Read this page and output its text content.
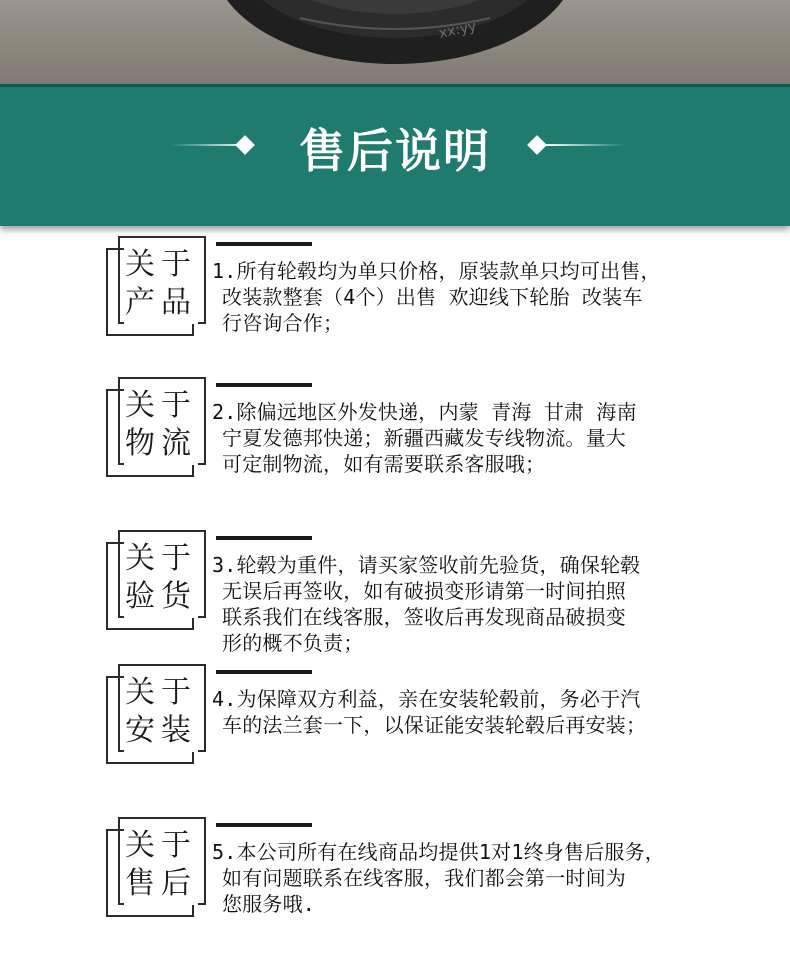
xx:yy
售后说明
关于
产品
1.所有轮毂均为单只价格，原装款单只均可出售，
改装款整套（4个）出售 欢迎线下轮胎 改装车
行咨询合作；
关于
物流
2.除偏远地区外发快递，内蒙 青海 甘肃 海南
宁夏发德邦快递；新疆西藏发专线物流。量大
可定制物流，如有需要联系客服哦；
关于
验货
3.轮毂为重件，请买家签收前先验货，确保轮毂
无误后再签收，如有破损变形请第一时间拍照
联系我们在线客服，签收后再发现商品破损变
形的概不负责；
关于
安装
4.为保障双方利益，亲在安装轮毂前，务必于汽
车的法兰套一下，以保证能安装轮毂后再安装；
关于
售后
5.本公司所有在线商品均提供1对1终身售后服务，
如有问题联系在线客服，我们都会第一时间为
您服务哦.
